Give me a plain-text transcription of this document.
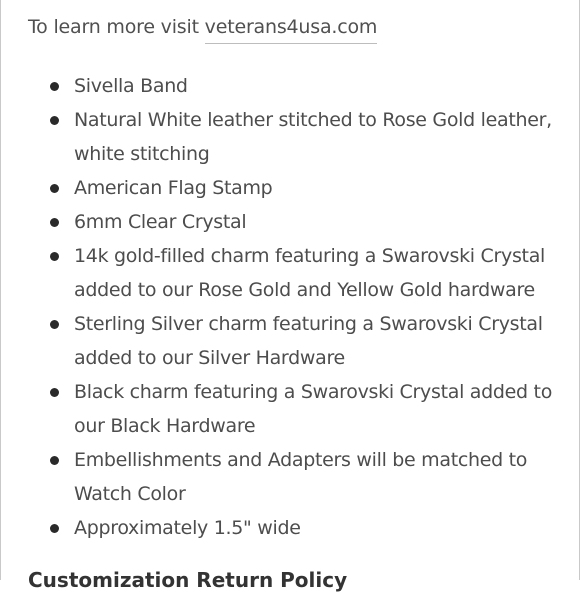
To learn more visit veterans4usa.com
Sivella Band
Natural White leather stitched to Rose Gold leather, white stitching
American Flag Stamp
6mm Clear Crystal
14k gold-filled charm featuring a Swarovski Crystal added to our Rose Gold and Yellow Gold hardware
Sterling Silver charm featuring a Swarovski Crystal added to our Silver Hardware
Black charm featuring a Swarovski Crystal added to our Black Hardware
Embellishments and Adapters will be matched to Watch Color
Approximately 1.5" wide
Customization Return Policy
